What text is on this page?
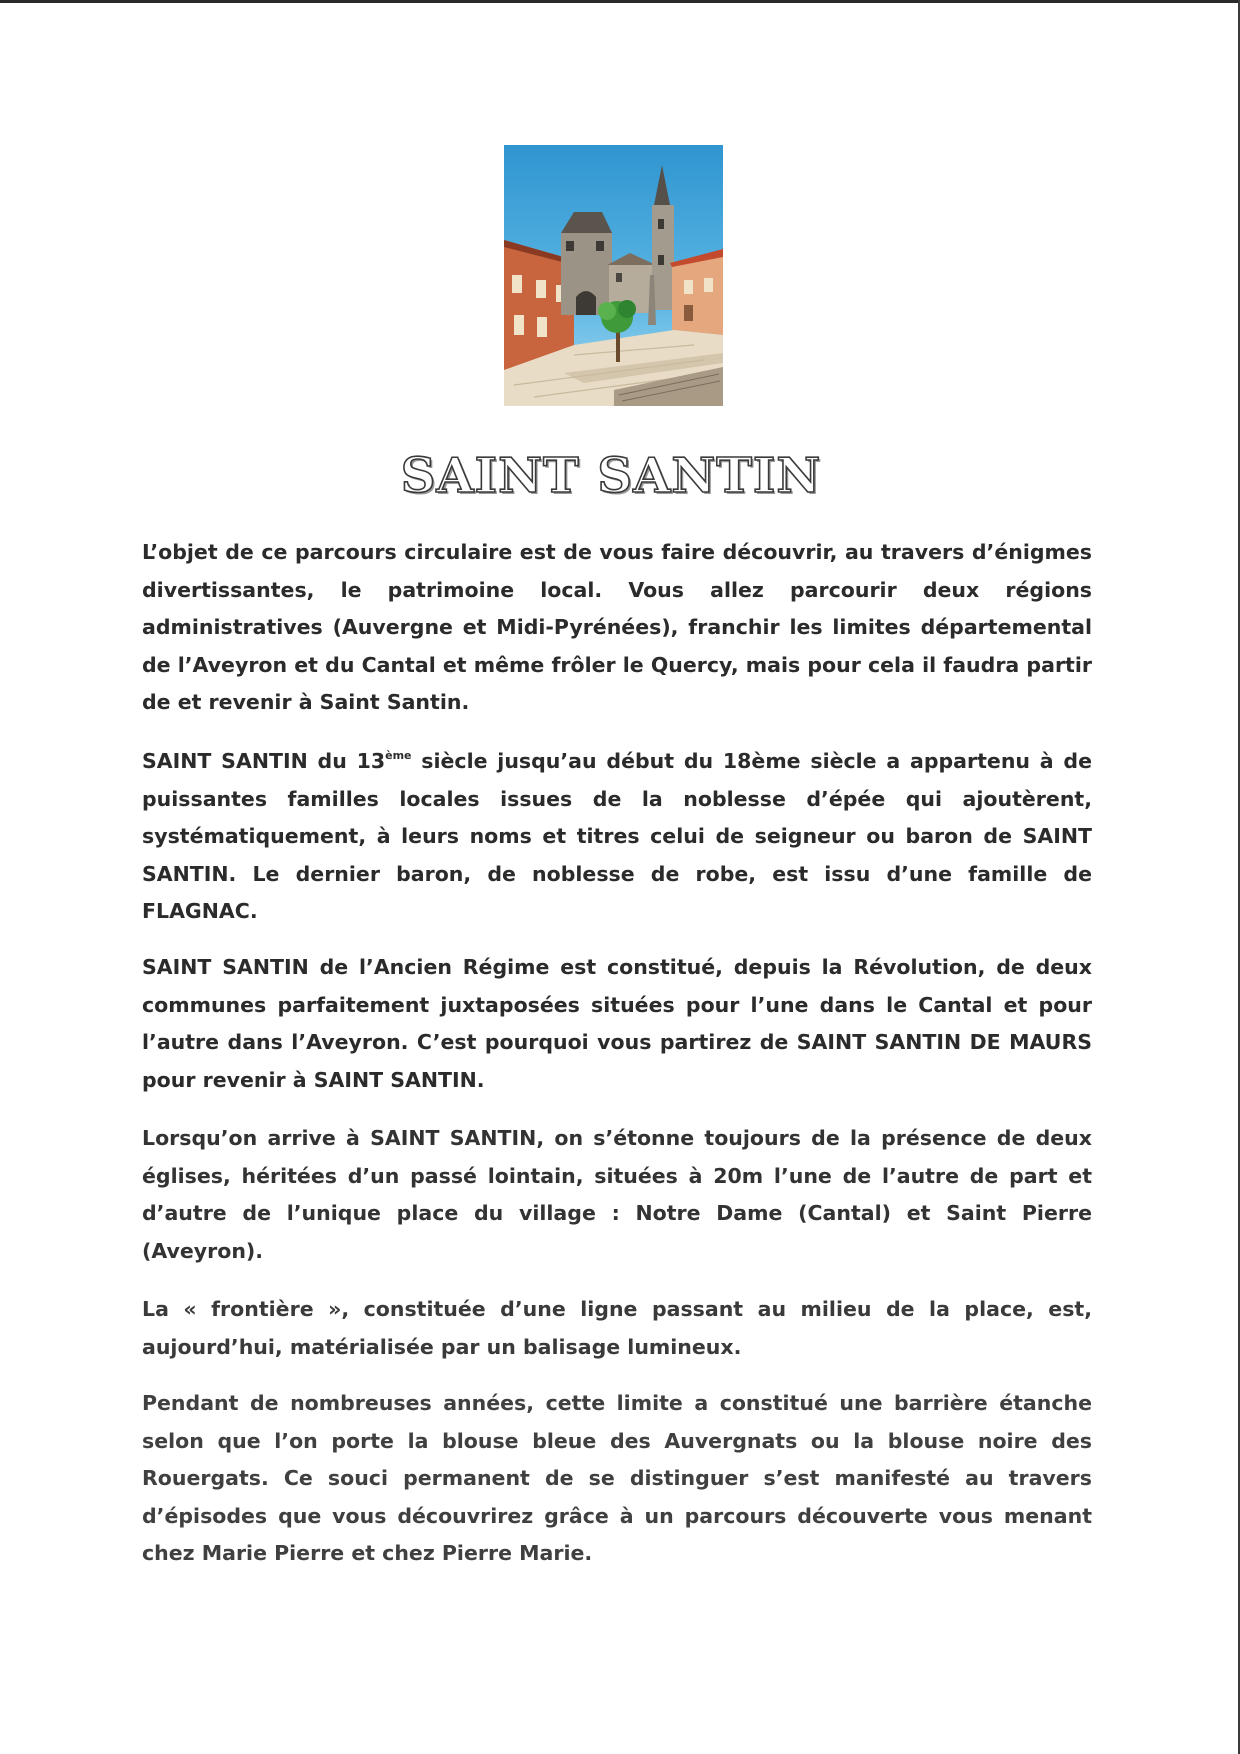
SAINT SANTIN

L’objet de ce parcours circulaire est de vous faire découvrir, au travers d’énigmes divertissantes, le patrimoine local. Vous allez parcourir deux régions administratives (Auvergne et Midi-Pyrénées), franchir les limites départemental de l’Aveyron et du Cantal et même frôler le Quercy, mais pour cela il faudra partir de et revenir à Saint Santin.

SAINT SANTIN du 13ème siècle jusqu’au début du 18ème siècle a appartenu à de puissantes familles locales issues de la noblesse d’épée qui ajoutèrent, systématiquement, à leurs noms et titres celui de seigneur ou baron de SAINT SANTIN. Le dernier baron, de noblesse de robe, est issu d’une famille de FLAGNAC.

SAINT SANTIN de l’Ancien Régime est constitué, depuis la Révolution, de deux communes parfaitement juxtaposées situées pour l’une dans le Cantal et pour l’autre dans l’Aveyron. C’est pourquoi vous partirez de SAINT SANTIN DE MAURS pour revenir à SAINT SANTIN.

Lorsqu’on arrive à SAINT SANTIN, on s’étonne toujours de la présence de deux églises, héritées d’un passé lointain, situées à 20m l’une de l’autre de part et d’autre de l’unique place du village : Notre Dame (Cantal) et Saint Pierre (Aveyron).

La « frontière », constituée d’une ligne passant au milieu de la place, est, aujourd’hui, matérialisée par un balisage lumineux.

Pendant de nombreuses années, cette limite a constitué une barrière étanche selon que l’on porte la blouse bleue des Auvergnats ou la blouse noire des Rouergats. Ce souci permanent de se distinguer s’est manifesté au travers d’épisodes que vous découvrirez grâce à un parcours découverte vous menant chez Marie Pierre et chez Pierre Marie.
